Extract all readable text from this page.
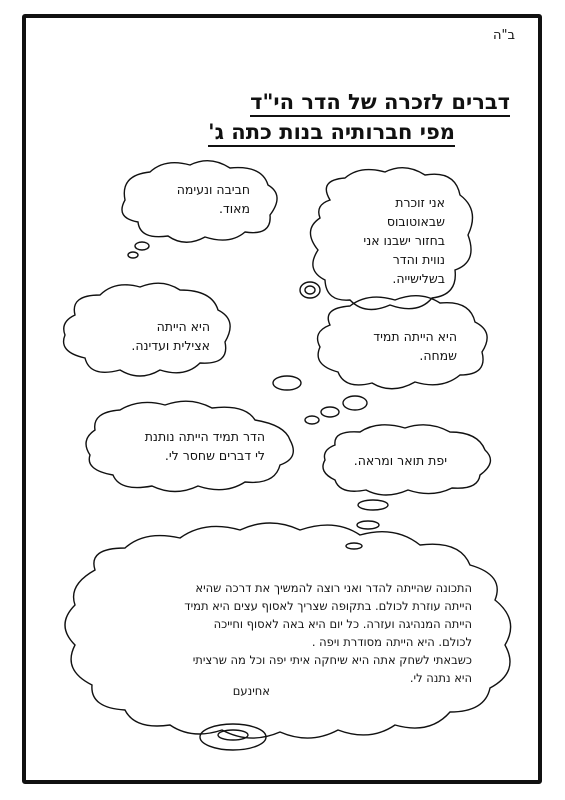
ב"ה
דברים לזכרה של הדר הי"ד
מפי חברותיה בנות כתה ג'
חביבה ונעימה
מאוד.	אני זוכרת
שבאוטובוס
בחזור ישבנו אני
נווית והדר
בשלישייה.
היא הייתה
אצילית ועדינה.
היא הייתה תמיד
שמחה.
הדר תמיד הייתה נותנת
לי דברים שחסר לי.	יפת תואר ומראה.
התכונה שהייתה להדר ואני רוצה להמשיך את דרכה שהיא
הייתה עוזרת לכולם. בתקופה שצריך לאסוף עצים היא תמיד
הייתה המנהיגה ועזרה. כל יום היא באה לאסוף וחייכה
לכולם. היא הייתה מסודרת ויפה .
כשבאתי לשחק אתה היא שיחקה איתי יפה וכל מה שרציתי
היא נתנה לי.
אחינעם
